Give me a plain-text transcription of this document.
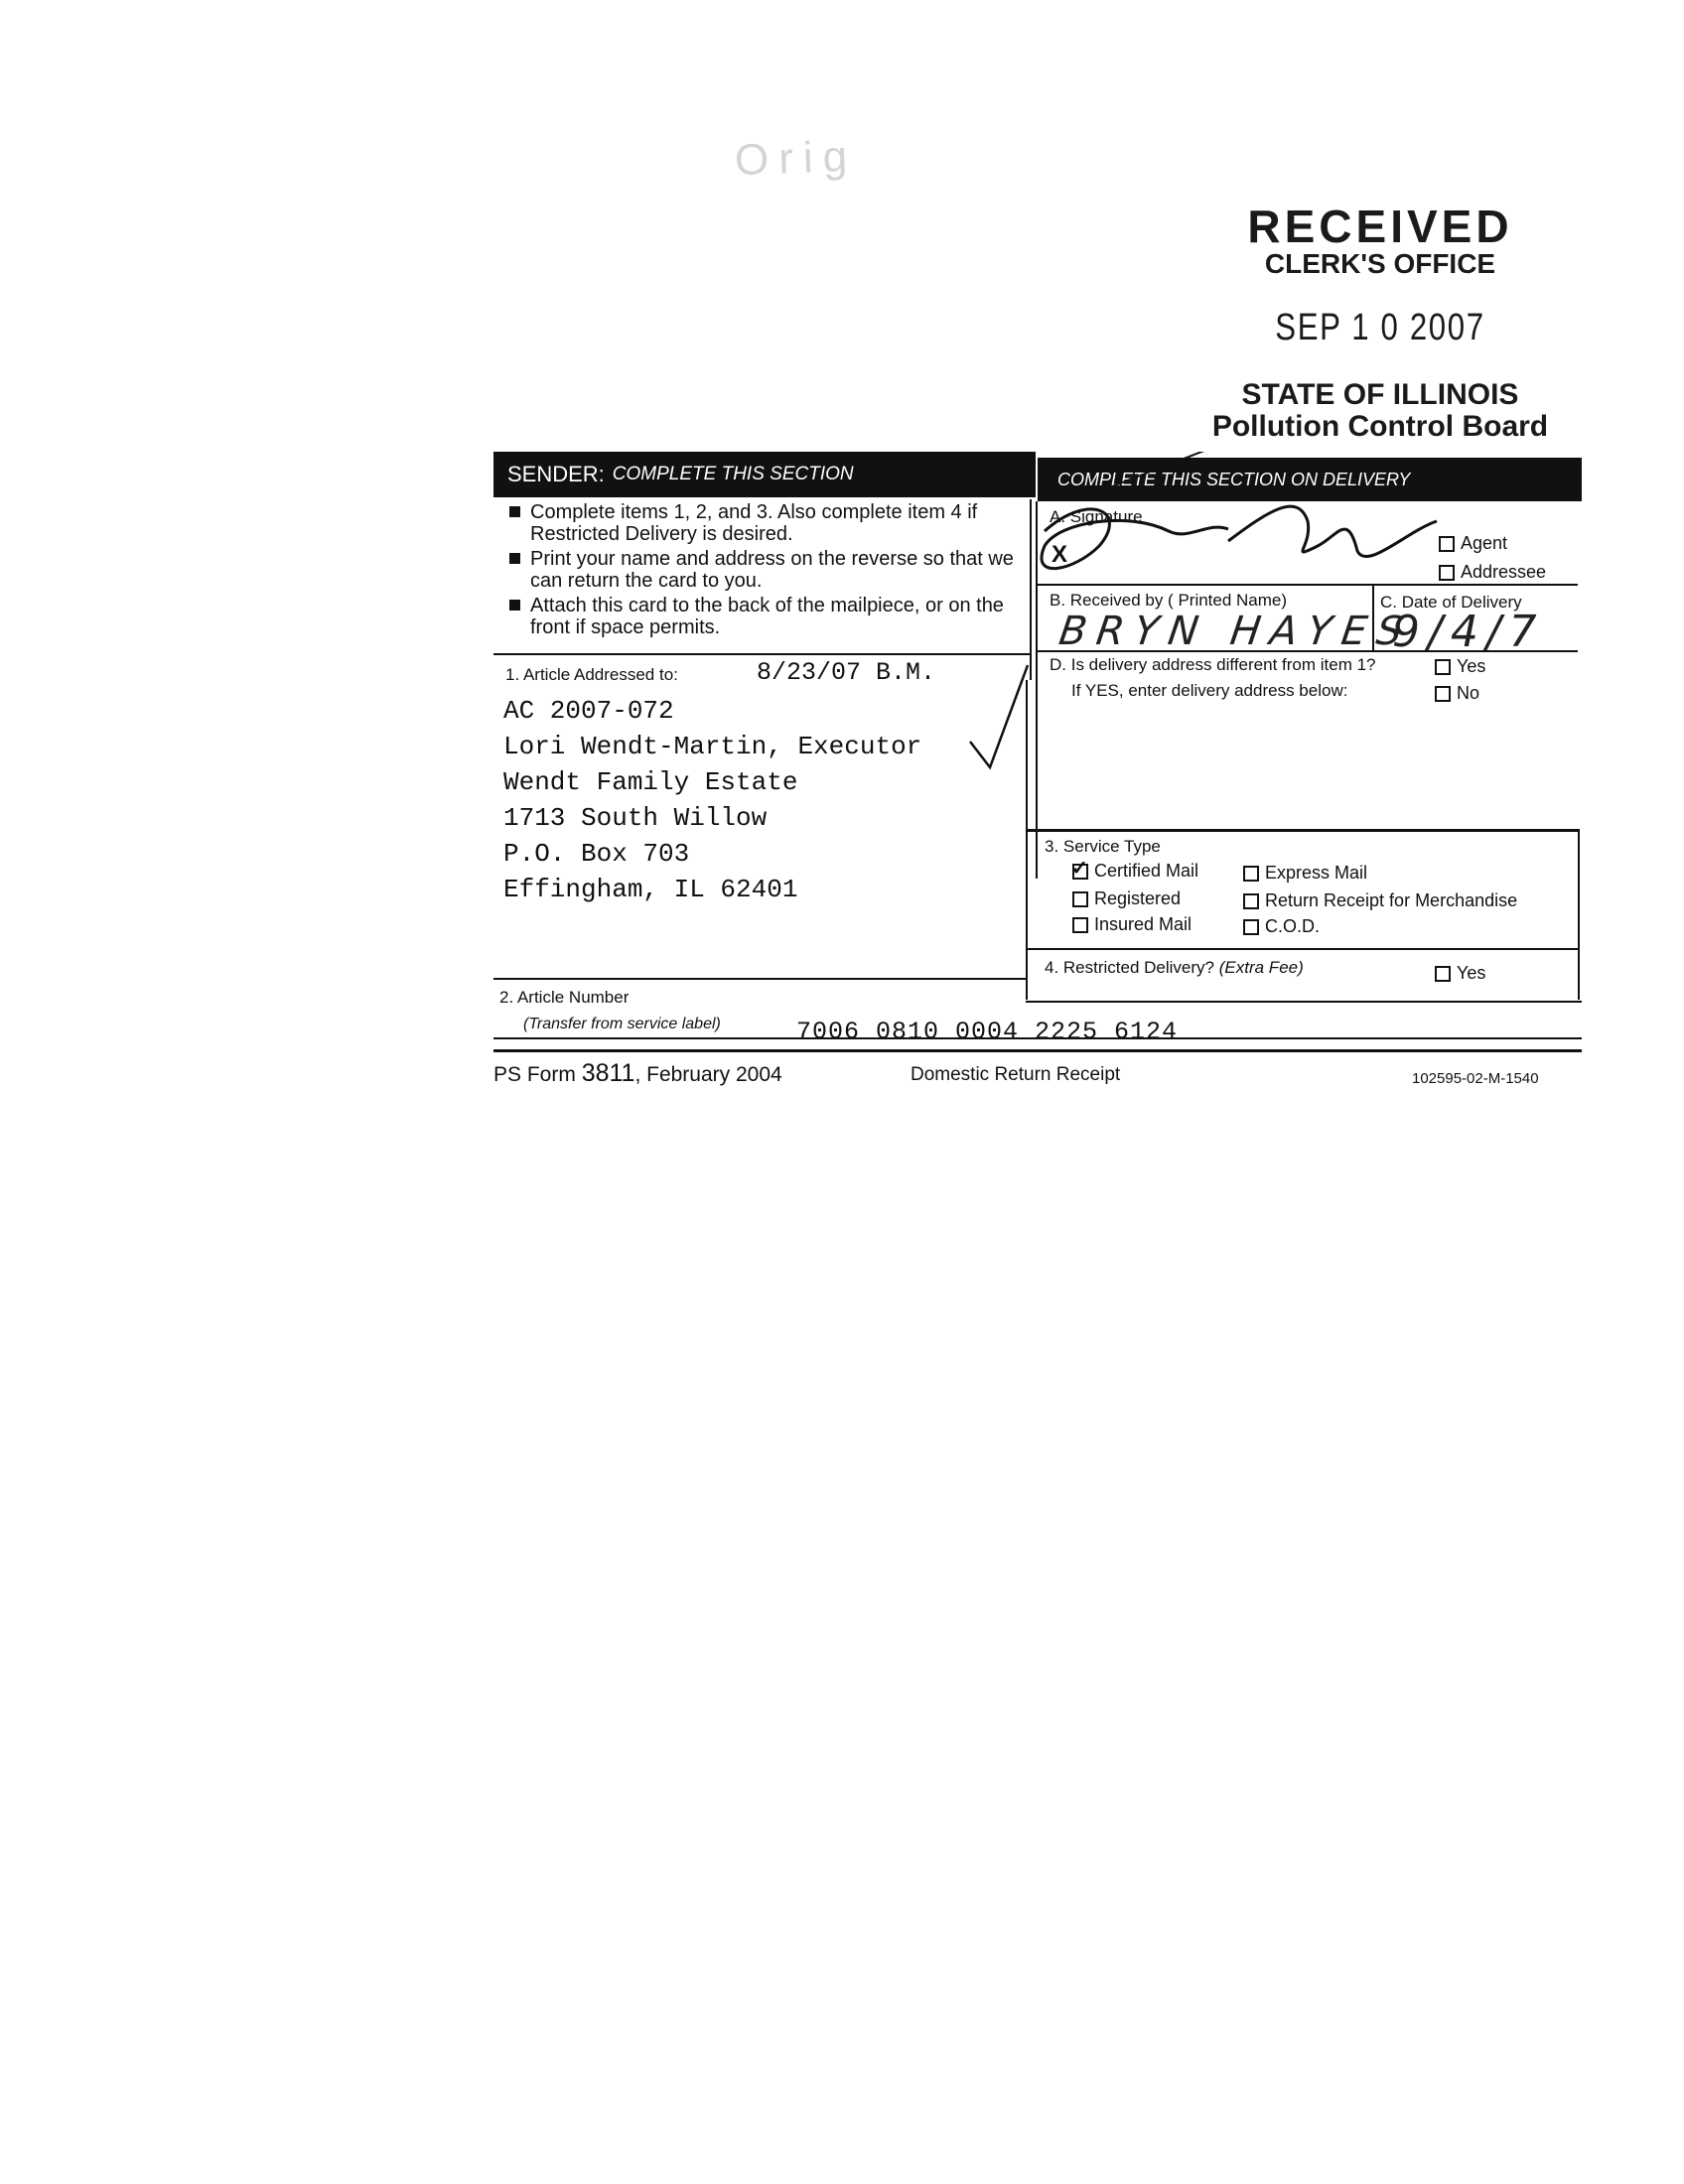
Orig
RECEIVED
CLERK'S OFFICE
SEP 1 0 2007
STATE OF ILLINOIS
Pollution Control Board
SENDER: COMPLETE THIS SECTION	COMPLETE THIS SECTION ON DELIVERY
Complete items 1, 2, and 3. Also complete item 4 if Restricted Delivery is desired.
Print your name and address on the reverse so that we can return the card to you.
Attach this card to the back of the mailpiece, or on the front if space permits.
1. Article Addressed to:	8/23/07 B.M.
AC 2007-072
Lori Wendt-Martin, Executor
Wendt Family Estate
1713 South Willow
P.O. Box 703
Effingham, IL 62401
A. Signature
X	Agent
Addressee
B. Received by ( Printed Name)	C. Date of Delivery
BRYN HAYES
9/4/7
D. Is delivery address different from item 1?
If YES, enter delivery address below:
Yes
No
3. Service Type
✓ Certified Mail	Express Mail
Registered	Return Receipt for Merchandise
Insured Mail	C.O.D.
4. Restricted Delivery? (Extra Fee)	Yes
2. Article Number
(Transfer from service label)	7006 0810 0004 2225 6124
PS Form 3811, February 2004	Domestic Return Receipt	102595-02-M-1540
